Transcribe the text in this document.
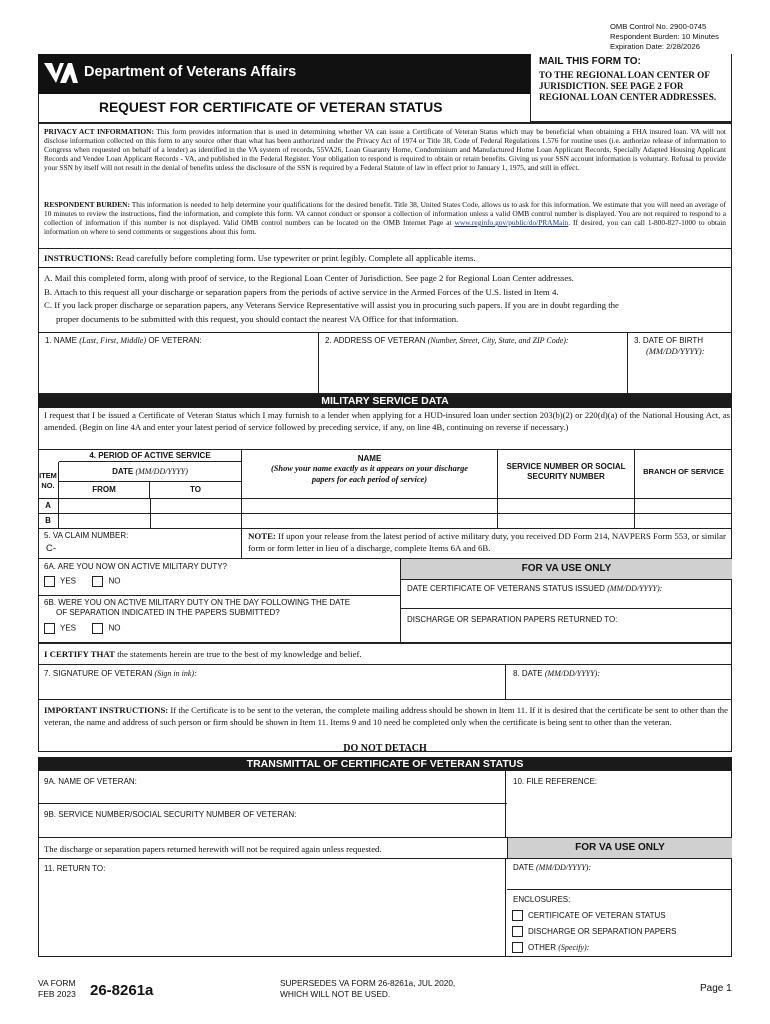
OMB Control No. 2900-0745
Respondent Burden: 10 Minutes
Expiration Date: 2/28/2026
Department of Veterans Affairs
MAIL THIS FORM TO:
TO THE REGIONAL LOAN CENTER OF JURISDICTION. SEE PAGE 2 FOR REGIONAL LOAN CENTER ADDRESSES.
REQUEST FOR CERTIFICATE OF VETERAN STATUS
PRIVACY ACT INFORMATION: This form provides information that is used in determining whether VA can issue a Certificate of Veteran Status which may be beneficial when obtaining a FHA insured loan. VA will not disclose information collected on this form to any source other than what has been authorized under the Privacy Act of 1974 or Title 38, Code of Federal Regulations 1.576 for routine uses (i.e. authorize release of information to Congress when requested on behalf of a lender) as identified in the VA system of records, 55VA26, Loan Guaranty Home, Condominium and Manufactured Home Loan Applicant Records, Specially Adapted Housing Applicant Records and Vendee Loan Applicant Records - VA, and published in the Federal Register. Your obligation to respond is required to obtain or retain benefits. Giving us your SSN account information is voluntary. Refusal to provide your SSN by itself will not result in the denial of benefits unless the disclosure of the SSN is required by a Federal Statute of law in effect prior to January 1, 1975, and still in effect.
RESPONDENT BURDEN: This information is needed to help determine your qualifications for the desired benefit. Title 38, United States Code, allows us to ask for this information. We estimate that you will need an average of 10 minutes to review the instructions, find the information, and complete this form. VA cannot conduct or sponsor a collection of information unless a valid OMB control number is displayed. You are not required to respond to a collection of information if this number is not displayed. Valid OMB control numbers can be located on the OMB Internet Page at www.reginfo.gov/public/do/PRAMain. If desired, you can call 1-800-827-1000 to obtain information on where to send comments or suggestions about this form.
INSTRUCTIONS: Read carefully before completing form. Use typewriter or print legibly. Complete all applicable items.
A. Mail this completed form, along with proof of service, to the Regional Loan Center of Jurisdiction. See page 2 for Regional Loan Center addresses.
B. Attach to this request all your discharge or separation papers from the periods of active service in the Armed Forces of the U.S. listed in Item 4.
C. If you lack proper discharge or separation papers, any Veterans Service Representative will assist you in procuring such papers. If you are in doubt regarding the
proper documents to be submitted with this request, you should contact the nearest VA Office for that information.
1. NAME (Last, First, Middle) OF VETERAN:	2. ADDRESS OF VETERAN (Number, Street, City, State, and ZIP Code):	3. DATE OF BIRTH
(MM/DD/YYYY):
MILITARY SERVICE DATA
I request that I be issued a Certificate of Veteran Status which I may furnish to a lender when applying for a HUD-insured loan under section 203(b)(2) or 220(d)(a) of the National Housing Act, as amended. (Begin on line 4A and enter your latest period of service followed by preceding service, if any, on line 4B, continuing on reverse if necessary.)
ITEM
NO.
4. PERIOD OF ACTIVE SERVICE
DATE (MM/DD/YYYY)
FROM	TO
NAME
(Show your name exactly as it appears on your discharge papers for each period of service)
SERVICE NUMBER OR SOCIAL SECURITY NUMBER
BRANCH OF SERVICE
A
B
5. VA CLAIM NUMBER:
C-
NOTE: If upon your release from the latest period of active military duty, you received DD Form 214, NAVPERS Form 553, or similar form or form letter in lieu of a discharge, complete Items 6A and 6B.
6A. ARE YOU NOW ON ACTIVE MILITARY DUTY?
YES	NO
6B. WERE YOU ON ACTIVE MILITARY DUTY ON THE DAY FOLLOWING THE DATE
OF SEPARATION INDICATED IN THE PAPERS SUBMITTED?
YES	NO
FOR VA USE ONLY
DATE CERTIFICATE OF VETERANS STATUS ISSUED (MM/DD/YYYY):
DISCHARGE OR SEPARATION PAPERS RETURNED TO:
I CERTIFY THAT the statements herein are true to the best of my knowledge and belief.
7. SIGNATURE OF VETERAN (Sign in ink):	8. DATE (MM/DD/YYYY):
IMPORTANT INSTRUCTIONS: If the Certificate is to be sent to the veteran, the complete mailing address should be shown in Item 11. If it is desired that the certificate be sent to other than the veteran, the name and address of such person or firm should be shown in Item 11. Items 9 and 10 need be completed only when the certificate is being sent to other than the veteran.
DO NOT DETACH
TRANSMITTAL OF CERTIFICATE OF VETERAN STATUS
9A. NAME OF VETERAN:	10. FILE REFERENCE:
9B. SERVICE NUMBER/SOCIAL SECURITY NUMBER OF VETERAN:
The discharge or separation papers returned herewith will not be required again unless requested.	FOR VA USE ONLY
11. RETURN TO:	DATE (MM/DD/YYYY):
ENCLOSURES:
CERTIFICATE OF VETERAN STATUS
DISCHARGE OR SEPARATION PAPERS
OTHER (Specify):
VA FORM
FEB 2023 26-8261a	SUPERSEDES VA FORM 26-8261a, JUL 2020,
WHICH WILL NOT BE USED.	Page 1
